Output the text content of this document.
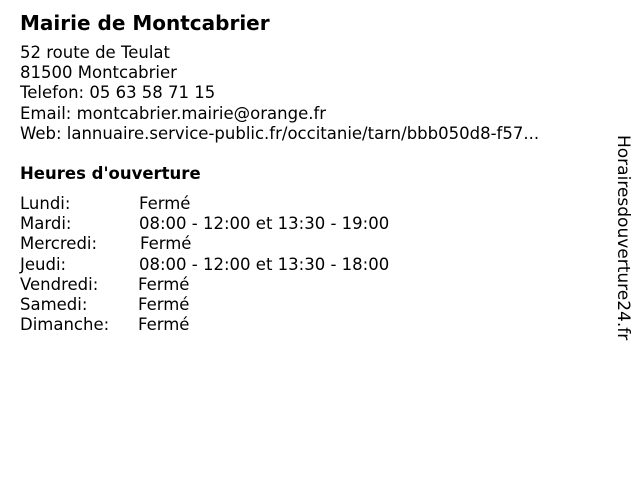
Mairie de Montcabrier
52 route de Teulat
81500 Montcabrier
Telefon: 05 63 58 71 15
Email: montcabrier.mairie@orange.fr
Web: lannuaire.service-public.fr/occitanie/tarn/bbb050d8-f57...
Heures d'ouverture
Lundi:	Fermé
Mardi:	08:00 - 12:00 et 13:30 - 19:00
Mercredi:	Fermé
Jeudi:	08:00 - 12:00 et 13:30 - 18:00
Vendredi: Fermé
Samedi:	Fermé
Dimanche: Fermé	Horairesdouverture24.fr
